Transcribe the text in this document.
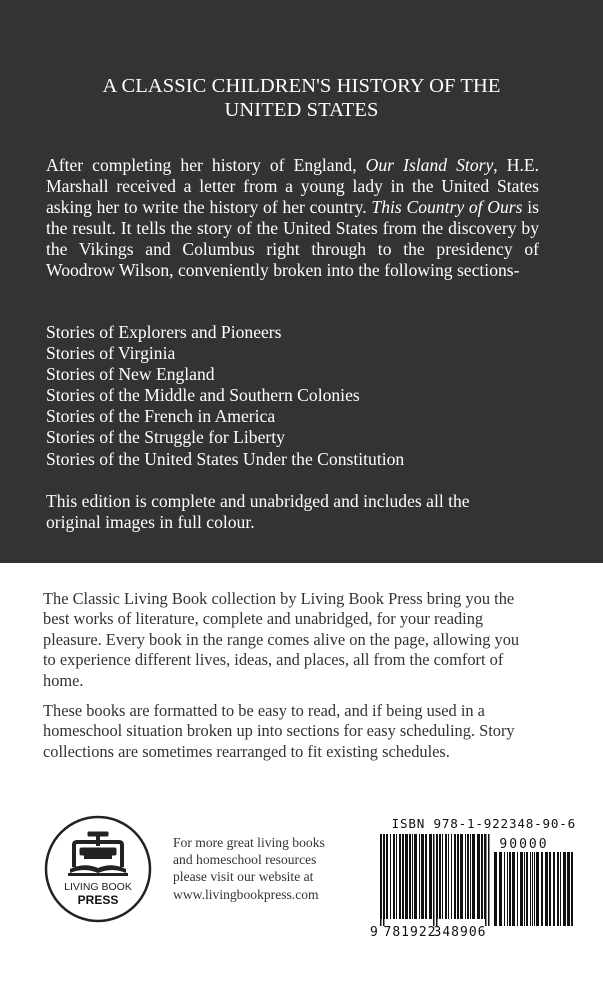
A CLASSIC CHILDREN'S HISTORY OF THE
UNITED STATES

After completing her history of England, Our Island Story, H.E. Marshall received a letter from a young lady in the United States asking her to write the history of her country. This Country of Ours is the result. It tells the story of the United States from the discovery by the Vikings and Columbus right through to the presidency of Woodrow Wilson, conveniently broken into the following sections-

Stories of Explorers and Pioneers
Stories of Virginia
Stories of New England
Stories of the Middle and Southern Colonies
Stories of the French in America
Stories of the Struggle for Liberty
Stories of the United States Under the Constitution

This edition is complete and unabridged and includes all the
original images in full colour.

The Classic Living Book collection by Living Book Press bring you the
best works of literature, complete and unabridged, for your reading
pleasure. Every book in the range comes alive on the page, allowing you
to experience different lives, ideas, and places, all from the comfort of
home.

These books are formatted to be easy to read, and if being used in a
homeschool situation broken up into sections for easy scheduling. Story
collections are sometimes rearranged to fit existing schedules.

LIVING BOOK
PRESS
For more great living books
and homeschool resources
please visit our website at
www.livingbookpress.com
ISBN 978-1-922348-90-6
90000
9 781922
348906
